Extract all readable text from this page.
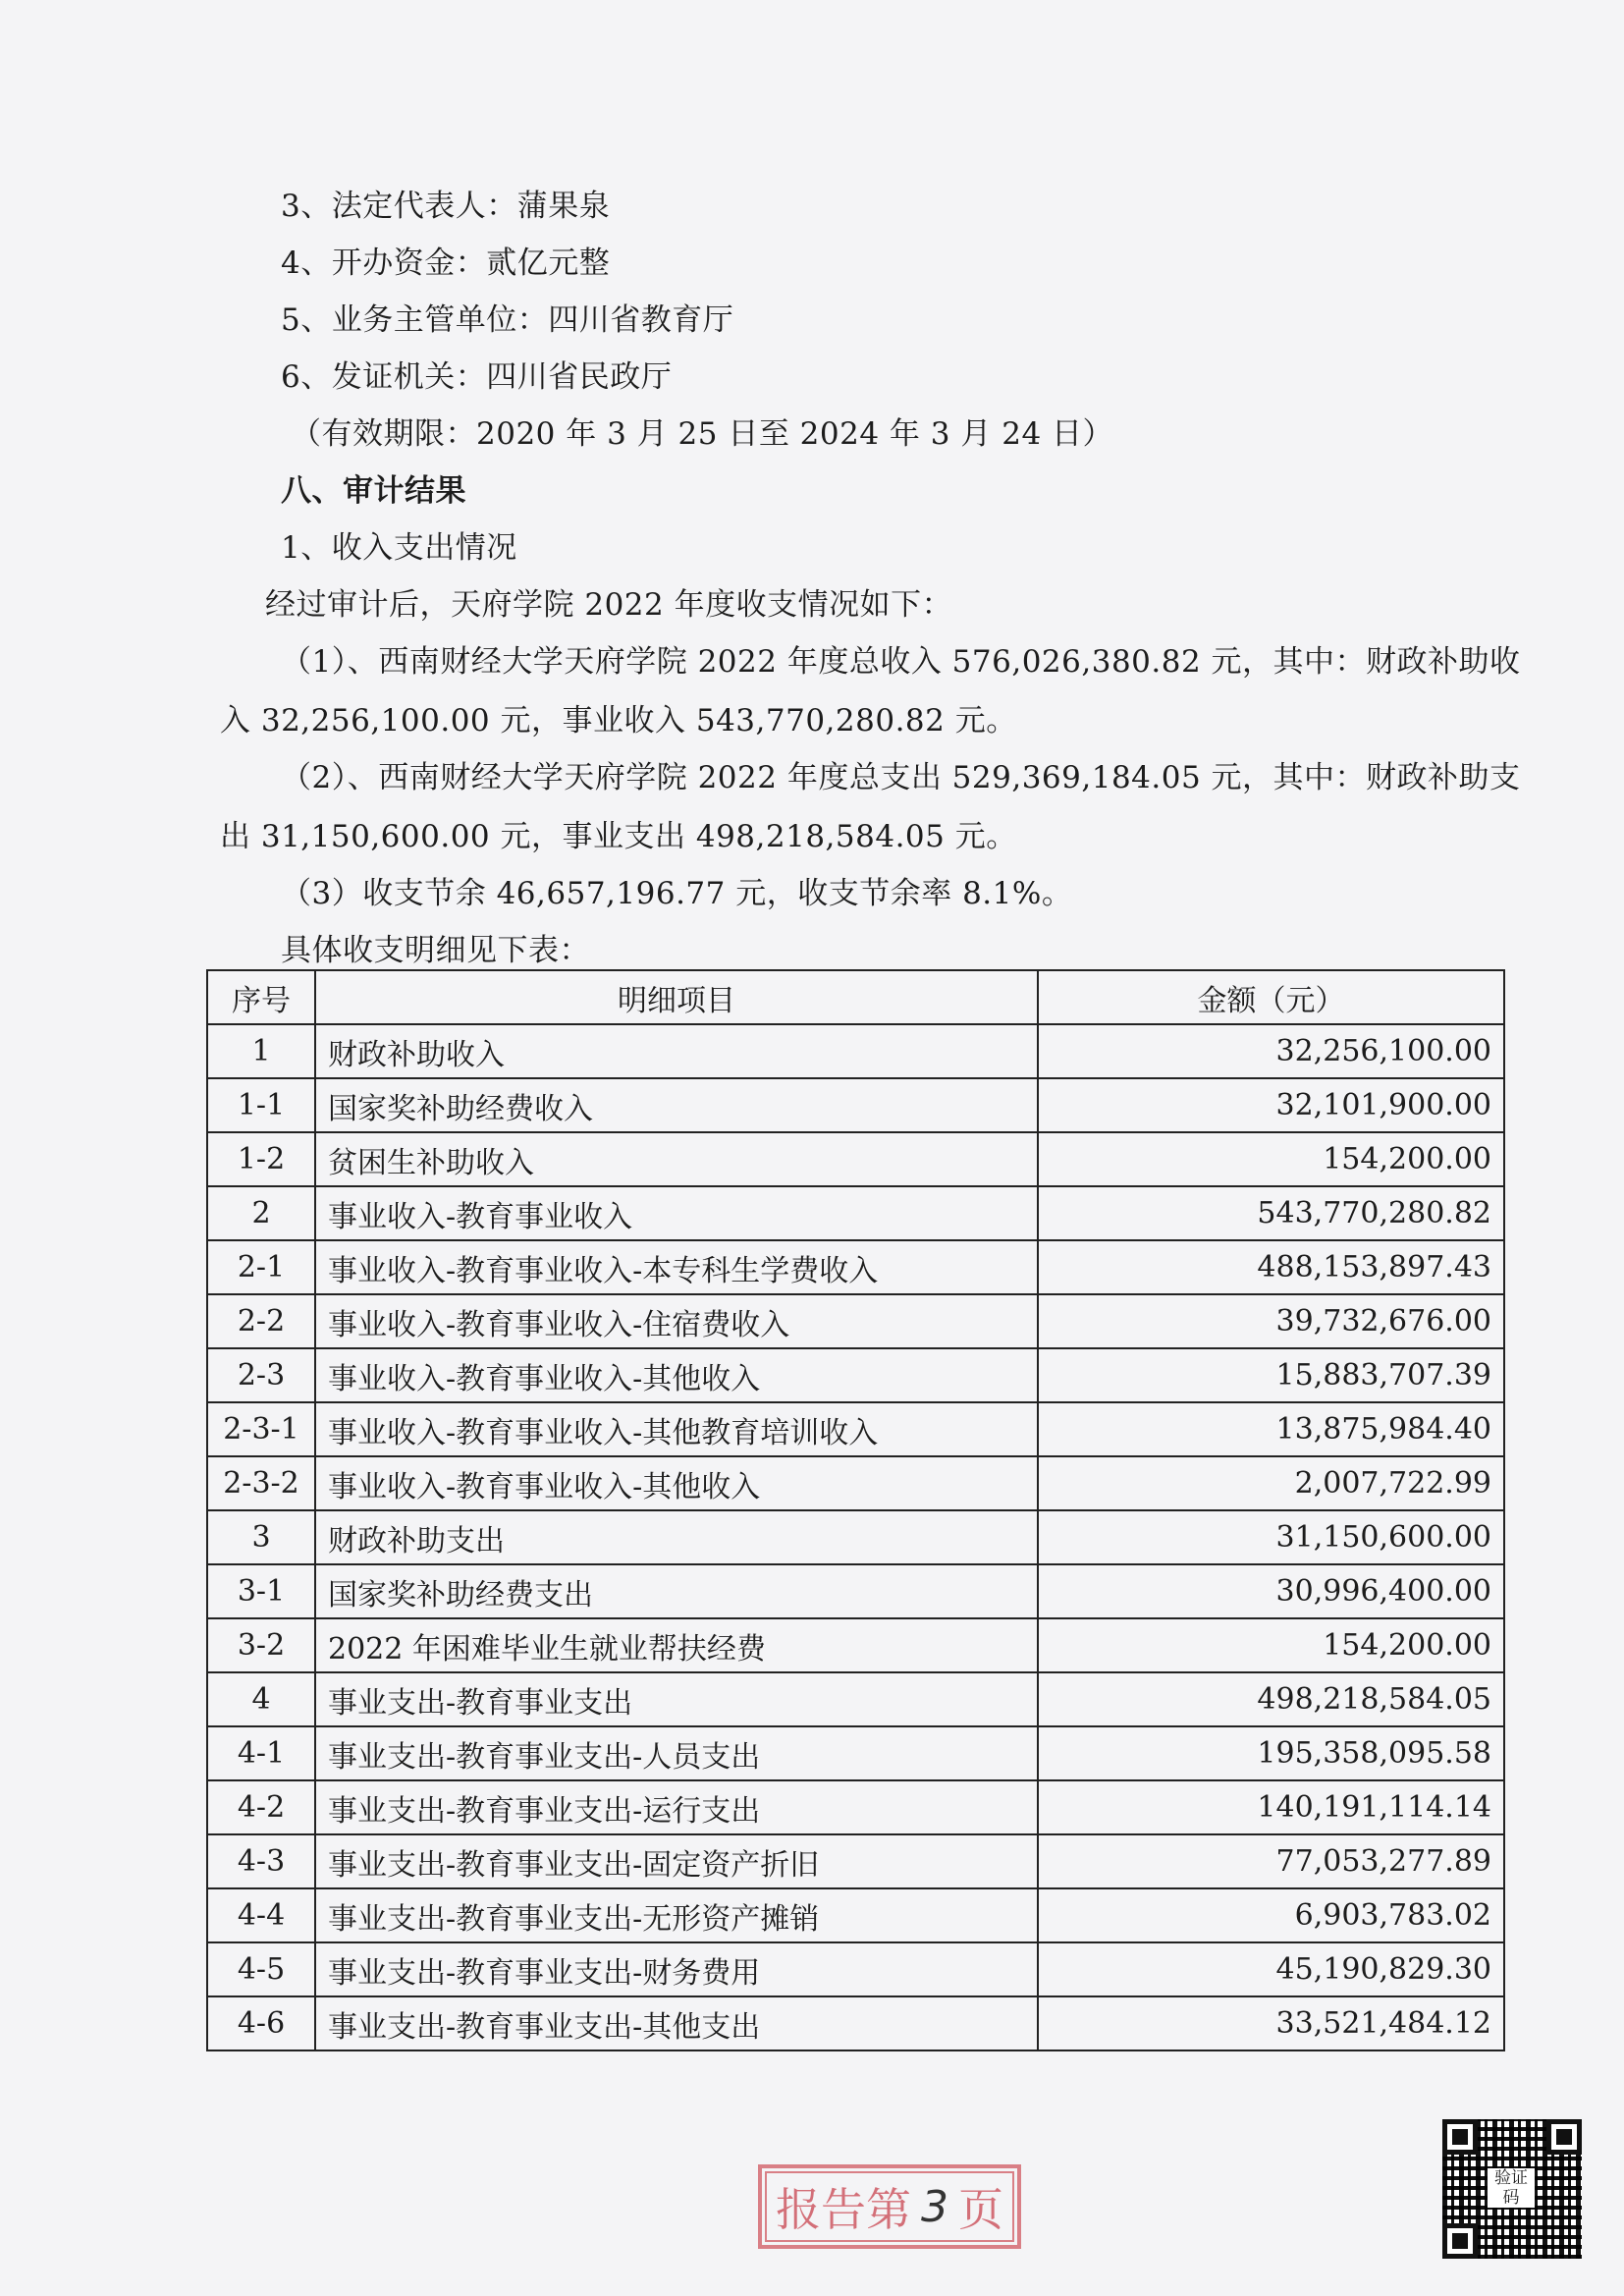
3、法定代表人：蒲果泉
4、开办资金：贰亿元整
5、业务主管单位：四川省教育厅
6、发证机关：四川省民政厅
（有效期限：2020 年 3 月 25 日至 2024 年 3 月 24 日）
八、审计结果
1、收入支出情况
经过审计后，天府学院 2022 年度收支情况如下：
（1）、西南财经大学天府学院 2022 年度总收入 576,026,380.82 元，其中：财政补助收
入 32,256,100.00 元，事业收入 543,770,280.82 元。
（2）、西南财经大学天府学院 2022 年度总支出 529,369,184.05 元，其中：财政补助支
出 31,150,600.00 元，事业支出 498,218,584.05 元。
（3）收支节余 46,657,196.77 元，收支节余率 8.1%。
具体收支明细见下表：
序号	明细项目	金额（元）
1	财政补助收入	32,256,100.00
1-1	国家奖补助经费收入	32,101,900.00
1-2	贫困生补助收入	154,200.00
2	事业收入-教育事业收入	543,770,280.82
2-1	事业收入-教育事业收入-本专科生学费收入	488,153,897.43
2-2	事业收入-教育事业收入-住宿费收入	39,732,676.00
2-3	事业收入-教育事业收入-其他收入	15,883,707.39
2-3-1	事业收入-教育事业收入-其他教育培训收入	13,875,984.40
2-3-2	事业收入-教育事业收入-其他收入	2,007,722.99
3	财政补助支出	31,150,600.00
3-1	国家奖补助经费支出	30,996,400.00
3-2	2022 年困难毕业生就业帮扶经费	154,200.00
4	事业支出-教育事业支出	498,218,584.05
4-1	事业支出-教育事业支出-人员支出	195,358,095.58
4-2	事业支出-教育事业支出-运行支出	140,191,114.14
4-3	事业支出-教育事业支出-固定资产折旧	77,053,277.89
4-4	事业支出-教育事业支出-无形资产摊销	6,903,783.02
4-5	事业支出-教育事业支出-财务费用	45,190,829.30
4-6	事业支出-教育事业支出-其他支出	33,521,484.12
报告第 3 页
验证
码
